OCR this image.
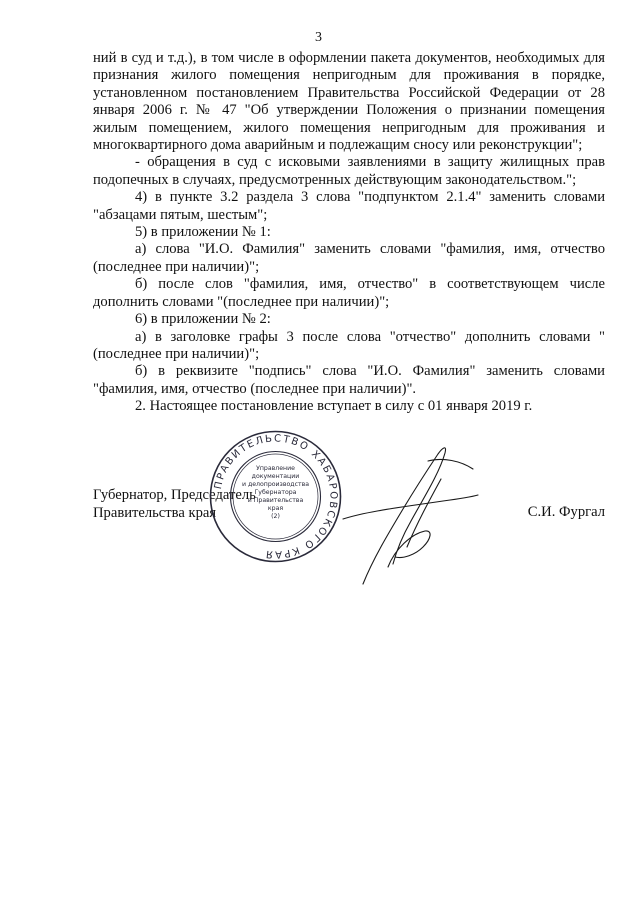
3

ний в суд и т.д.), в том числе в оформлении пакета документов, необходимых для признания жилого помещения непригодным для проживания в порядке, установленном постановлением Правительства Российской Федерации от 28 января 2006 г. № 47 "Об утверждении Положения о признании помещения жилым помещением, жилого помещения непригодным для проживания и многоквартирного дома аварийным и подлежащим сносу или реконструкции";

- обращения в суд с исковыми заявлениями в защиту жилищных прав подопечных в случаях, предусмотренных действующим законодательством.";

4) в пункте 3.2 раздела 3 слова "подпунктом 2.1.4" заменить словами "абзацами пятым, шестым";

5) в приложении № 1:

а) слова "И.О. Фамилия" заменить словами "фамилия, имя, отчество (последнее при наличии)";

б) после слов "фамилия, имя, отчество" в соответствующем числе дополнить словами "(последнее при наличии)";

6) в приложении № 2:

а) в заголовке графы 3 после слова "отчество" дополнить словами "(последнее при наличии)";

б) в реквизите "подпись" слова "И.О. Фамилия" заменить словами "фамилия, имя, отчество (последнее при наличии)".

2. Настоящее постановление вступает в силу с 01 января 2019 г.

Губернатор, Председатель
Правительства края
ПРАВИТЕЛЬСТВО ХАБАРОВСКОГО КРАЯ
Управление
документации
и делопроизводства
Губернатора
и Правительства
края
(2)	С.И. Фургал
